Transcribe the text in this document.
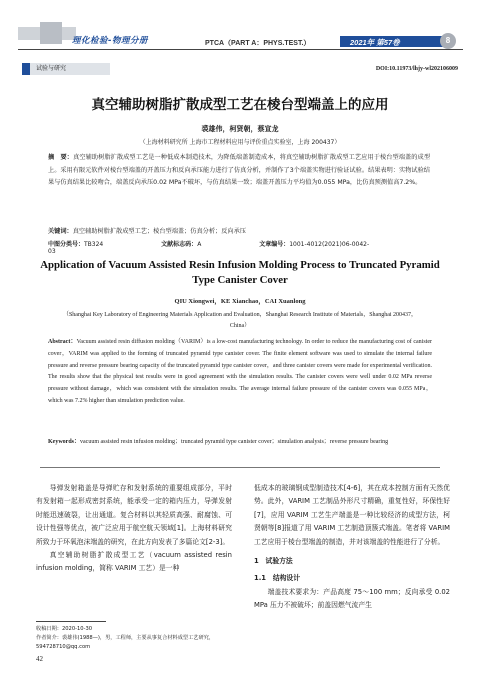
理化检验-物理分册	PTCA（PART A：PHYS.TEST.）	2021年 第57卷	8
试验与研究	DOI:10.11973/lhjy-wl202106009
真空辅助树脂扩散成型工艺在棱台型端盖上的应用
裘雄伟，柯贤朝，蔡宣龙
（上海材料研究所 上海市工程材料应用与评价重点实验室，上海 200437）
摘　要：真空辅助树脂扩散成型工艺是一种低成本制造技术，为降低端盖制造成本，将真空辅助树脂扩散成型工艺应用于棱台型端盖的成型上。采用有限元软件对棱台型端盖的开盖压力和反向承压能力进行了仿真分析，并制作了3个端盖实物进行验证试验。结果表明：实物试验结果与仿真结果比较吻合，端盖反向承压0.02 MPa不破坏，与仿真结果一致；端盖开盖压力平均值为0.055 MPa，比仿真预测值高7.2%。
关键词：真空辅助树脂扩散成型工艺；棱台型端盖；仿真分析；反向承压
中图分类号：TB324	文献标志码：A	文章编号：1001-4012(2021)06-0042-03
Application of Vacuum Assisted Resin Infusion Molding Process to Truncated Pyramid Type Canister Cover
QIU Xiongwei，KE Xianchao，CAI Xuanlong
（Shanghai Key Laboratory of Engineering Materials Application and Evaluation，Shanghai Research Institute of Materials，Shanghai 200437，China）
Abstract：Vacuum assisted resin diffusion molding（VARIM）is a low-cost manufacturing technology. In order to reduce the manufacturing cost of canister cover，VARIM was applied to the forming of truncated pyramid type canister cover. The finite element software was used to simulate the internal failure pressure and reverse pressure bearing capacity of the truncated pyramid type canister cover，and three canister covers were made for experimental verification. The results show that the physical test results were in good agreement with the simulation results. The canister covers were well under 0.02 MPa reverse pressure without damage，which was consistent with the simulation results. The average internal failure pressure of the canister covers was 0.055 MPa，which was 7.2% higher than simulation prediction value.
Keywords：vacuum assisted resin infusion molding；truncated pyramid type canister cover；simulation analysis；reverse pressure bearing

导弹发射箱盖是导弹贮存和发射系统的重要组成部分，平时有发射箱一起形成密封系统，能承受一定的箱内压力，导弹发射时能迅速破裂，让出通道。复合材料以其轻质高强、耐腐蚀、可设计性强等优点，被广泛应用于航空航天领域[1]。上海材料研究所致力于环氧泡沫端盖的研究，在此方向发表了多篇论文[2-3]。

真空辅助树脂扩散成型工艺（vacuum assisted resin infusion molding，简称 VARIM 工艺）是一种

低成本的玻璃钢成型制造技术[4-6]，其在成本控制方面有天然优势。此外，VARIM 工艺制品外形尺寸精确，重复性好，环保性好[7]，应用 VARIM 工艺生产端盖是一种比较经济的成型方法，柯贤朝等[8]报道了用 VARIM 工艺制造顶簇式端盖。笔者将 VARIM 工艺应用于棱台型端盖的制造，并对该端盖的性能进行了分析。

1　试验方法

1.1　结构设计

端盖技术要求为：产品高度 75～100 mm；反向承受 0.02 MPa 压力不被破坏；前盖因燃气流产生

收稿日期：2020-10-30
作者简介：裘雄伟(1988—)，男，工程师，主要从事复合材料成型工艺研究，594728710@qq.com
42
